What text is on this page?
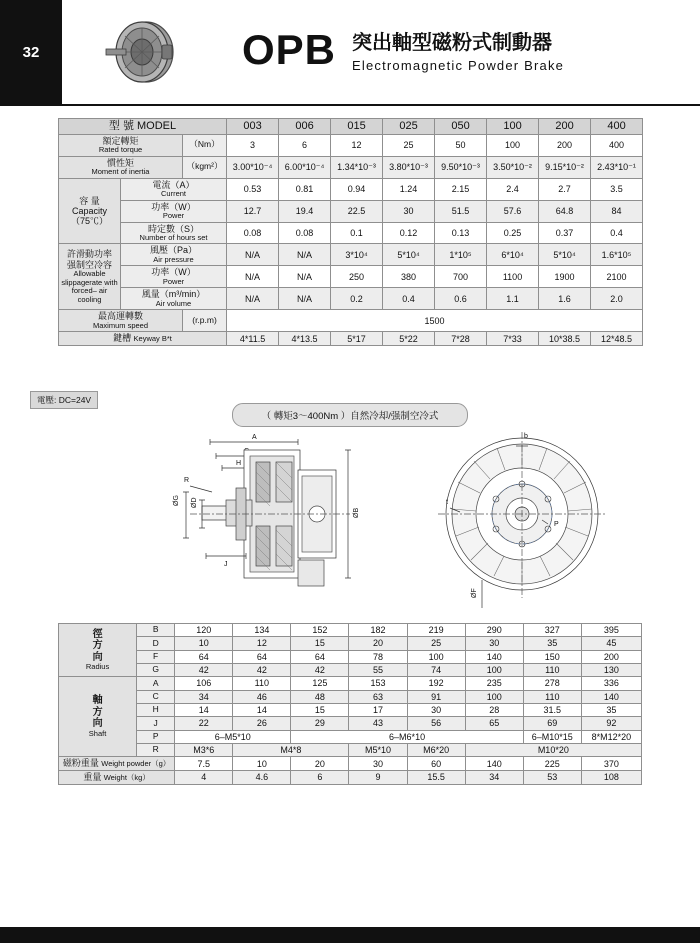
32	OPB 突出軸型磁粉式制動器
Electromagnetic Powder Brake
型 號 MODEL			003	006	015	025	050	100	200	400

額定轉矩
Rated torque		（Nm）	3	6	12	25	50	100	200	400

慣性矩
Moment of inertia		（kgm²）	3.00*10⁻⁴	6.00*10⁻⁴	1.34*10⁻³	3.80*10⁻³	9.50*10⁻³	3.50*10⁻²	9.15*10⁻²	2.43*10⁻¹

容 量
Capacity
（75℃）

電流（A）
Current	0.53	0.81	0.94	1.24	2.15	2.4	2.7	3.5

	功率（W）
Power		12.7	19.4	22.5	30	51.5	57.6	64.8	84

	時定數（S）
Number of hours set		0.08	0.08	0.1	0.12	0.13	0.25	0.37	0.4

許滑動功率
强制空冷容
Allowable slippagerate with forced– air cooling

風壓（Pa）
Air pressure	N/A	N/A	3*10⁴	5*10⁴	1*10⁵	6*10⁴	5*10⁴	1.6*10⁵

	功率（W）
Power		N/A	N/A	250	380	700	1100	1900	2100

	風量（m³/min）
Air volume		N/A	N/A	0.2	0.4	0.6	1.1	1.6	2.0

最高運轉數
Maximum speed		(r.p.m)	1500							
鍵槽 Keyway B*t			4*11.5	4*13.5	5*17	5*22	7*28	7*33	10*38.5	12*48.5
電壓: DC=24V
（ 轉矩3～400Nm ）自然冷却/强制空冷式
A
H
R
ØG ØD
J
ØB
b
t
P
ØF
徑
方
向
Radius	B	120	134	152	182	219	290	327	395
	D	10	12	15	20	25	30	35	45
	F	64	64	64	78	100	140	150	200
	G	42	42	42	55	74	100	110	130

軸
方
向
Shaft	A	106	110	125	153	192	235	278	336
	C	34	46	48	63	91	100	110	140
	H	14	14	15	17	30	28	31.5	35
	J	22	26	29	43	56	65	69	92
	P	6–M5*10		6–M6*10				6–M10*15	8*M12*20
	R	M3*6	M4*8		M5*10	M6*20	M10*20		
磁粉重量 Weight powder（g）		7.5	10	20	30	60	140	225	370
重量 Weight（kg）		4	4.6	6	9	15.5	34	53	108
